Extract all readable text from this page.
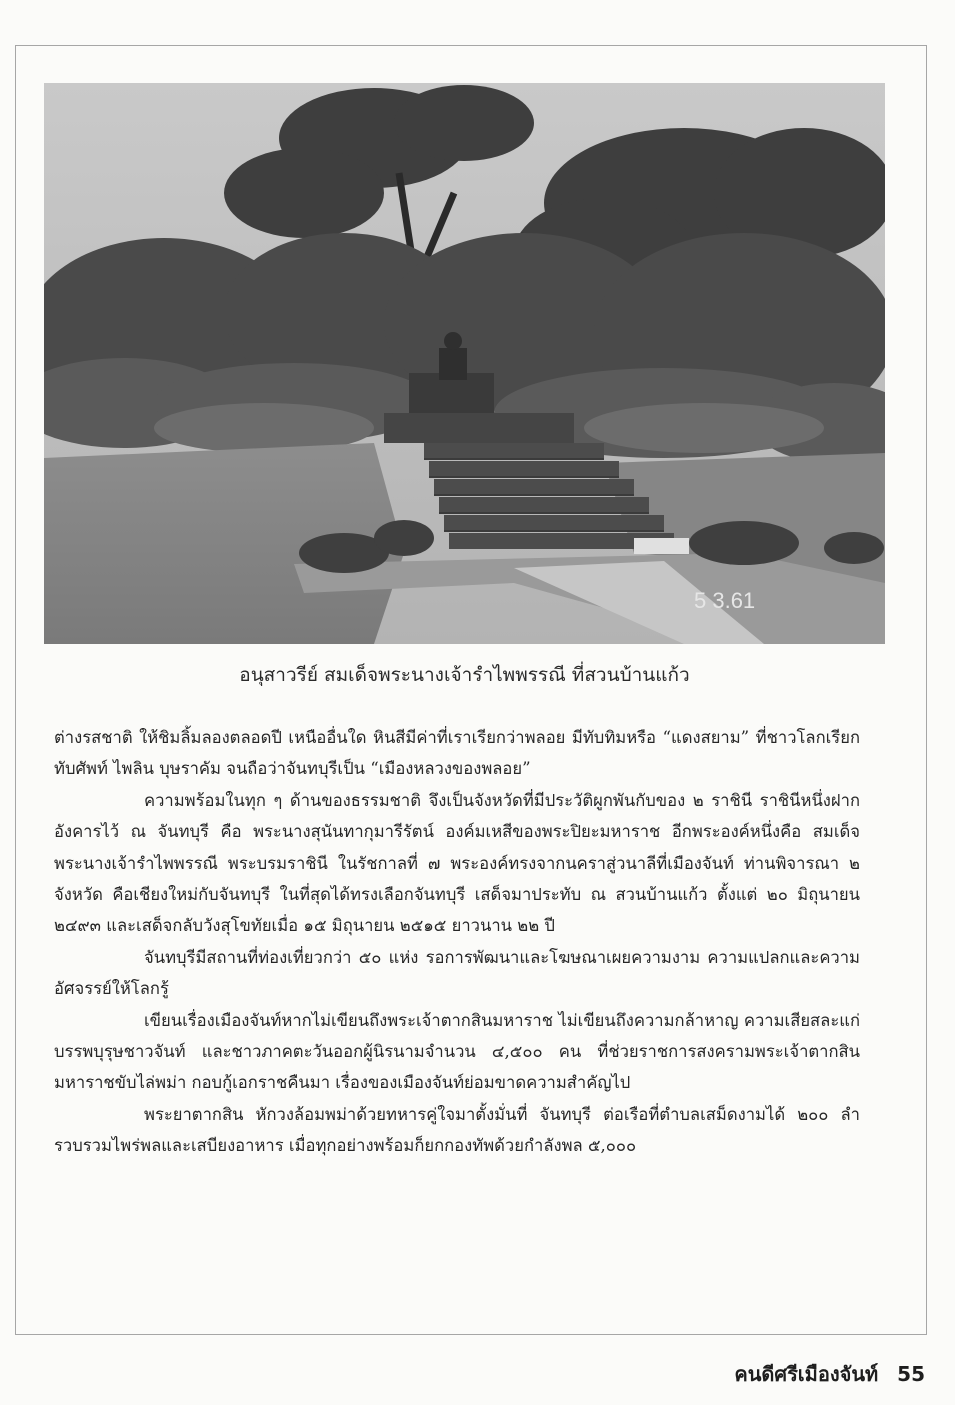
5 3.61
อนุสาวรีย์ สมเด็จพระนางเจ้ารำไพพรรณี ที่สวนบ้านแก้ว

ต่างรสชาติ ให้ชิมลิ้มลองตลอดปี เหนืออื่นใด หินสีมีค่าที่เราเรียกว่าพลอย มีทับทิมหรือ “แดงสยาม” ที่ชาวโลกเรียกทับศัพท์ ไพลิน บุษราคัม จนถือว่าจันทบุรีเป็น “เมืองหลวงของพลอย”

ความพร้อมในทุก ๆ ด้านของธรรมชาติ จึงเป็นจังหวัดที่มีประวัติผูกพันกับของ ๒ ราชินี ราชินีหนึ่งฝากอังคารไว้ ณ จันทบุรี คือ พระนางสุนันทากุมารีรัตน์ องค์มเหสีของพระปิยะมหาราช อีกพระองค์หนึ่งคือ สมเด็จพระนางเจ้ารำไพพรรณี พระบรมราชินี ในรัชกาลที่ ๗ พระองค์ทรงจากนคราสู่วนาลีที่เมืองจันท์ ท่านพิจารณา ๒ จังหวัด คือเชียงใหม่กับจันทบุรี ในที่สุดได้ทรงเลือกจันทบุรี เสด็จมาประทับ ณ สวนบ้านแก้ว ตั้งแต่ ๒๐ มิถุนายน ๒๔๙๓ และเสด็จกลับวังสุโขทัยเมื่อ ๑๕ มิถุนายน ๒๕๑๕ ยาวนาน ๒๒ ปี

จันทบุรีมีสถานที่ท่องเที่ยวกว่า ๕๐ แห่ง รอการพัฒนาและโฆษณาเผยความงาม ความแปลกและความอัศจรรย์ให้โลกรู้

เขียนเรื่องเมืองจันท์หากไม่เขียนถึงพระเจ้าตากสินมหาราช ไม่เขียนถึงความกล้าหาญ ความเสียสละแก่บรรพบุรุษชาวจันท์ และชาวภาคตะวันออกผู้นิรนามจำนวน ๔,๕๐๐ คน ที่ช่วยราชการสงครามพระเจ้าตากสินมหาราชขับไล่พม่า กอบกู้เอกราชคืนมา เรื่องของเมืองจันท์ย่อมขาดความสำคัญไป

พระยาตากสิน หักวงล้อมพม่าด้วยทหารคู่ใจมาตั้งมั่นที่ จันทบุรี ต่อเรือที่ตำบลเสม็ดงามได้ ๒๐๐ ลำ รวบรวมไพร่พลและเสบียงอาหาร เมื่อทุกอย่างพร้อมก็ยกกองทัพด้วยกำลังพล ๕,๐๐๐

คนดีศรีเมืองจันท์ 55
